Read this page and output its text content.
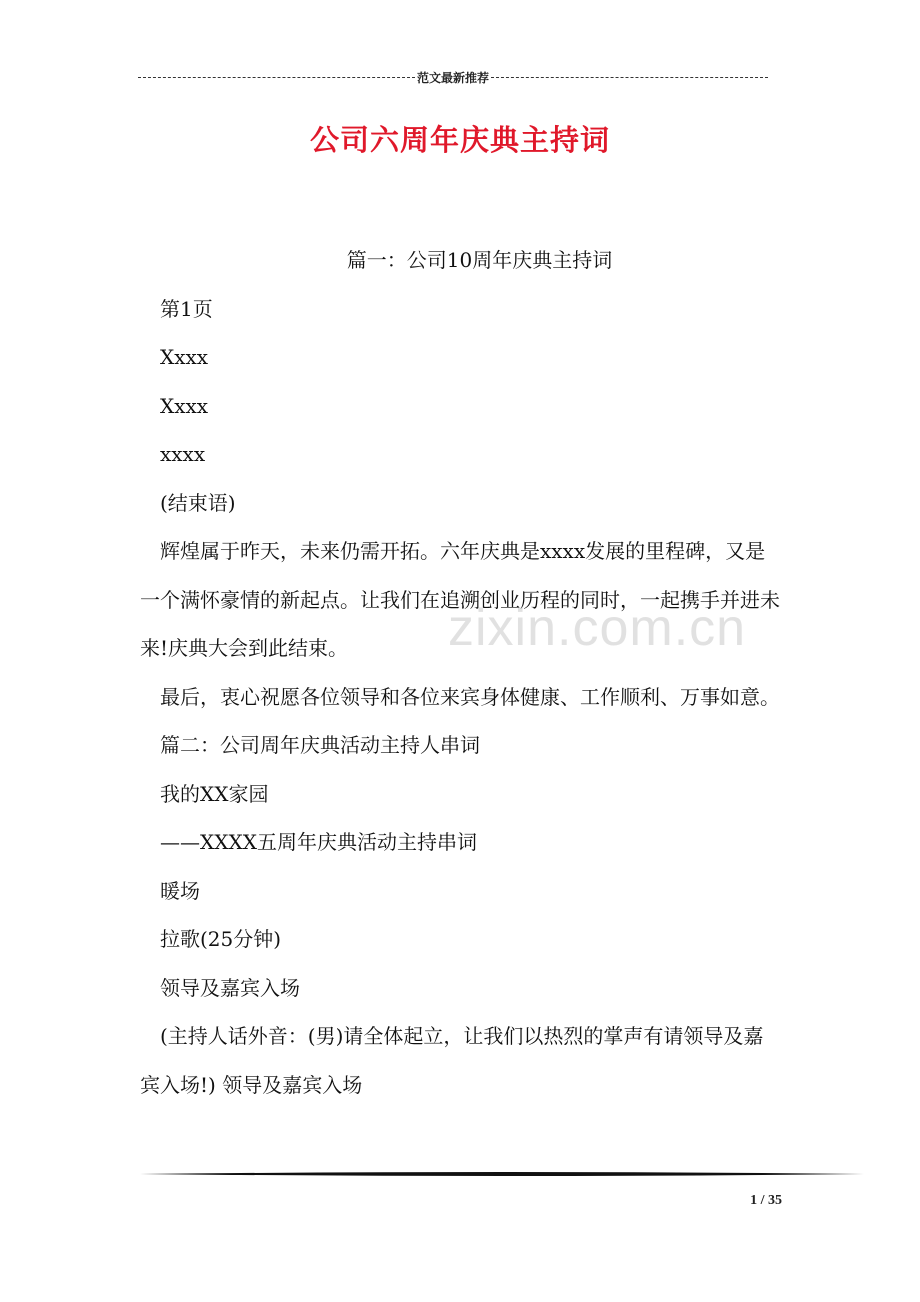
范文最新推荐
公司六周年庆典主持词

篇一：公司10周年庆典主持词

第1页

Xxxx

Xxxx

xxxx

(结束语)

辉煌属于昨天，未来仍需开拓。六年庆典是xxxx发展的里程碑，又是一个满怀豪情的新起点。让我们在追溯创业历程的同时，一起携手并进未来!庆典大会到此结束。

最后，衷心祝愿各位领导和各位来宾身体健康、工作顺利、万事如意。

篇二：公司周年庆典活动主持人串词

我的XX家园

——XXXX五周年庆典活动主持串词

暖场

拉歌(25分钟)

领导及嘉宾入场

(主持人话外音：(男)请全体起立，让我们以热烈的掌声有请领导及嘉宾入场!) 领导及嘉宾入场

zixin.com.cn
1 / 35
